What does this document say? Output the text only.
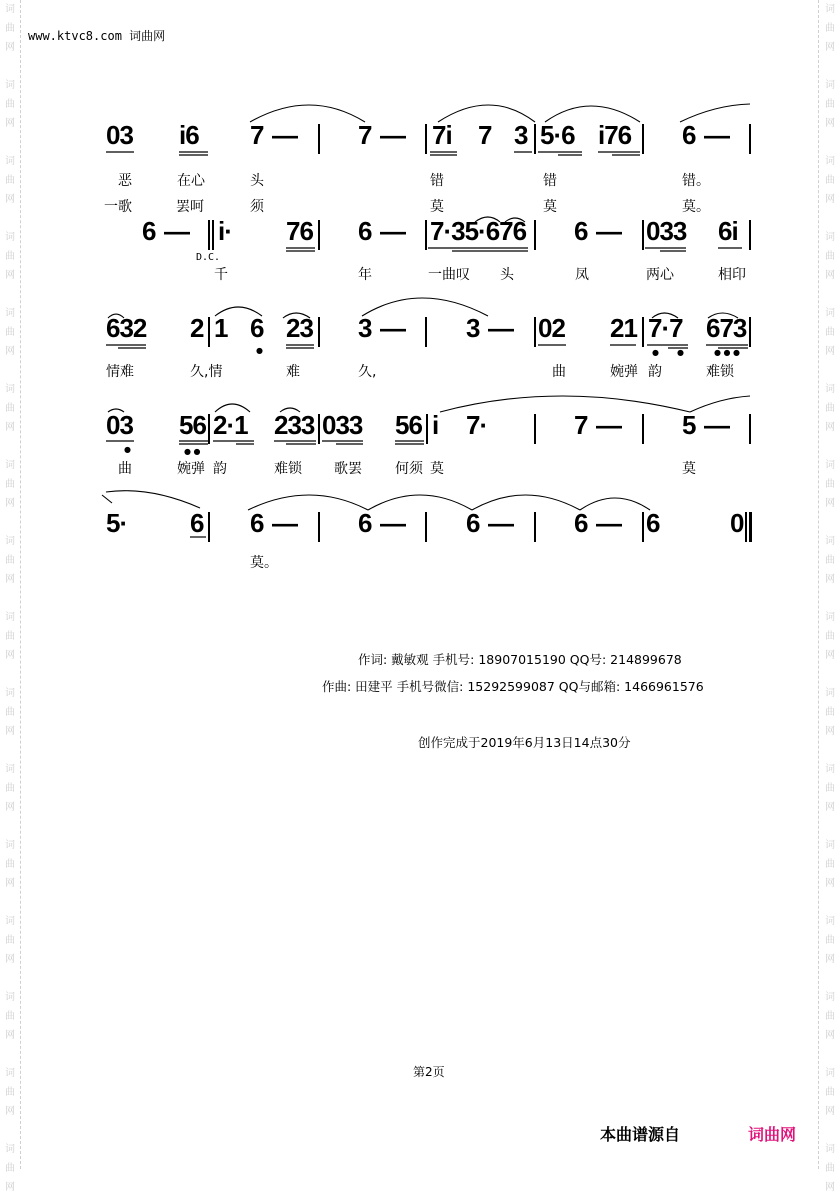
词
曲
网

词
曲
网

词
曲
网

词
曲
网

词
曲
网

词
曲
网

词
曲
网

词
曲
网

词
曲
网

词
曲
网

词
曲
网

词
曲
网

词
曲
网

词
曲
网

词
曲
网

词
曲
网

词
曲
网

词
曲
网

词
曲
网

词
曲
网

词
曲
网

词
曲
网

词
曲
网

词
曲
网

词
曲
网

词
曲
网

词
曲
网

词
曲
网

词
曲
网

词
曲
网

词
曲
网

词
曲
网

www.ktvc8.com 词曲网
03 i6 7 — 7 — 7i 7 3 5·6 i76 6 —
恶	在心	头	错	错	错。
一歌	罢呵	须	莫	莫	莫。
6 — i· 76 6 — 7·35·676 6 — 033 6i
D.C.
千	年	一曲叹 头	凤	两心	相印
632 2 1 6
●
23 3 — 3 — 02 21 7·7
● ●
673
● ● ●
情难	久,情	难	久,	曲	婉弹 韵	难锁
03
●
56
● ●
2·1 233 033 56 i 7·	7 — 5 —
曲	婉弹 韵	难锁 歌罢 何须 莫	莫
5· 6 6 — 6 — 6 — 6 — 6	0
莫。
作词: 戴敏观 手机号: 18907015190 QQ号: 214899678
作曲: 田建平 手机号微信: 15292599087 QQ与邮箱: 1466961576
创作完成于2019年6月13日14点30分
第2页
本曲谱源自	词曲网
